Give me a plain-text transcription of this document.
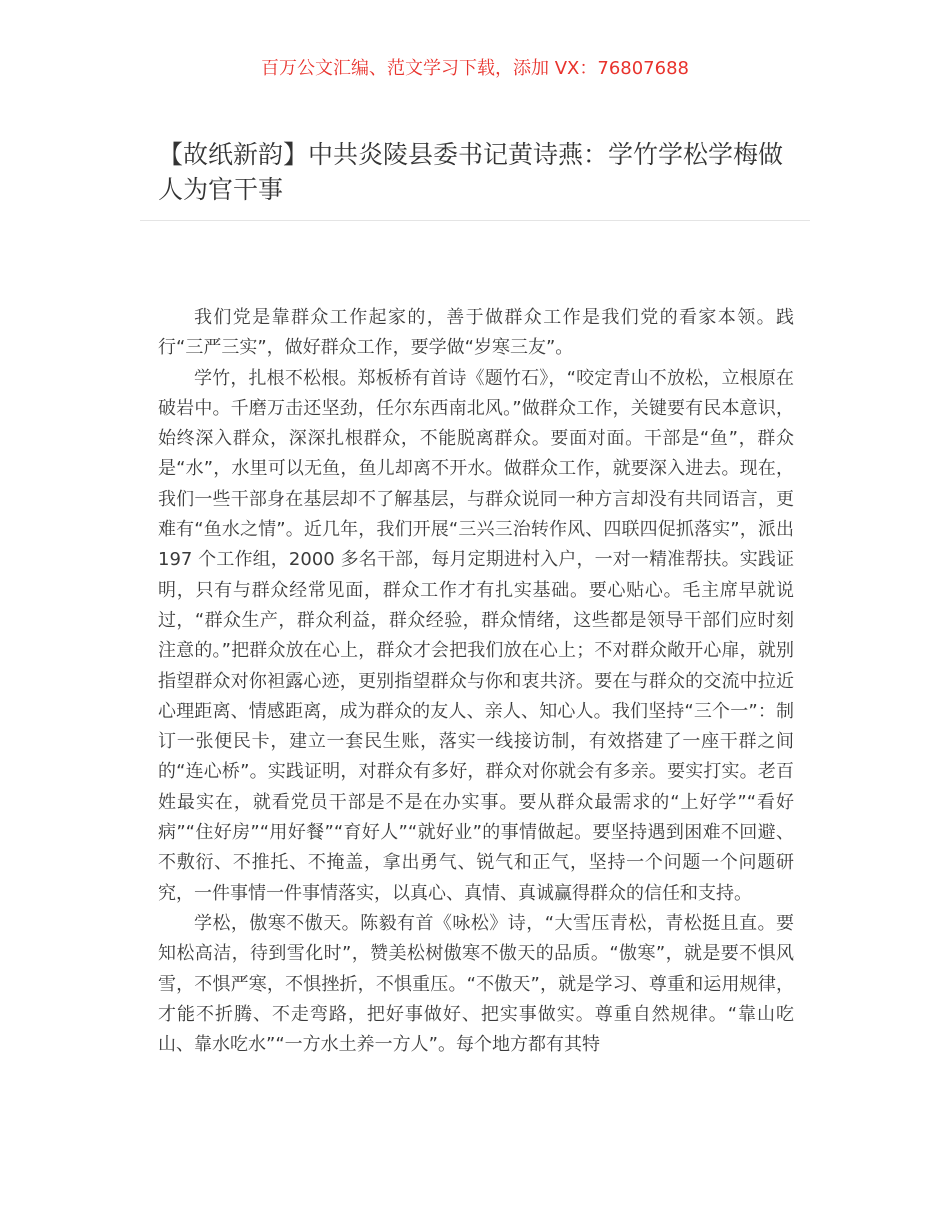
百万公文汇编、范文学习下载，添加 VX：76807688
【故纸新韵】中共炎陵县委书记黄诗燕：学竹学松学梅做人为官干事

我们党是靠群众工作起家的，善于做群众工作是我们党的看家本领。践行“三严三实”，做好群众工作，要学做“岁寒三友”。

学竹，扎根不松根。郑板桥有首诗《题竹石》，“咬定青山不放松，立根原在破岩中。千磨万击还坚劲，任尔东西南北风。”做群众工作，关键要有民本意识，始终深入群众，深深扎根群众，不能脱离群众。要面对面。干部是“鱼”，群众是“水”，水里可以无鱼，鱼儿却离不开水。做群众工作，就要深入进去。现在，我们一些干部身在基层却不了解基层，与群众说同一种方言却没有共同语言，更难有“鱼水之情”。近几年，我们开展“三兴三治转作风、四联四促抓落实”，派出 197 个工作组，2000 多名干部，每月定期进村入户，一对一精准帮扶。实践证明，只有与群众经常见面，群众工作才有扎实基础。要心贴心。毛主席早就说过，“群众生产，群众利益，群众经验，群众情绪，这些都是领导干部们应时刻注意的。”把群众放在心上，群众才会把我们放在心上；不对群众敞开心扉，就别指望群众对你袒露心迹，更别指望群众与你和衷共济。要在与群众的交流中拉近心理距离、情感距离，成为群众的友人、亲人、知心人。我们坚持“三个一”：制订一张便民卡，建立一套民生账，落实一线接访制，有效搭建了一座干群之间的“连心桥”。实践证明，对群众有多好，群众对你就会有多亲。要实打实。老百姓最实在，就看党员干部是不是在办实事。要从群众最需求的“上好学”“看好病”“住好房”“用好餐”“育好人”“就好业”的事情做起。要坚持遇到困难不回避、不敷衍、不推托、不掩盖，拿出勇气、锐气和正气，坚持一个问题一个问题研究，一件事情一件事情落实，以真心、真情、真诚赢得群众的信任和支持。

学松，傲寒不傲天。陈毅有首《咏松》诗，“大雪压青松，青松挺且直。要知松高洁，待到雪化时”，赞美松树傲寒不傲天的品质。“傲寒”，就是要不惧风雪，不惧严寒，不惧挫折，不惧重压。“不傲天”，就是学习、尊重和运用规律，才能不折腾、不走弯路，把好事做好、把实事做实。尊重自然规律。“靠山吃山、靠水吃水”“一方水土养一方人”。每个地方都有其特
